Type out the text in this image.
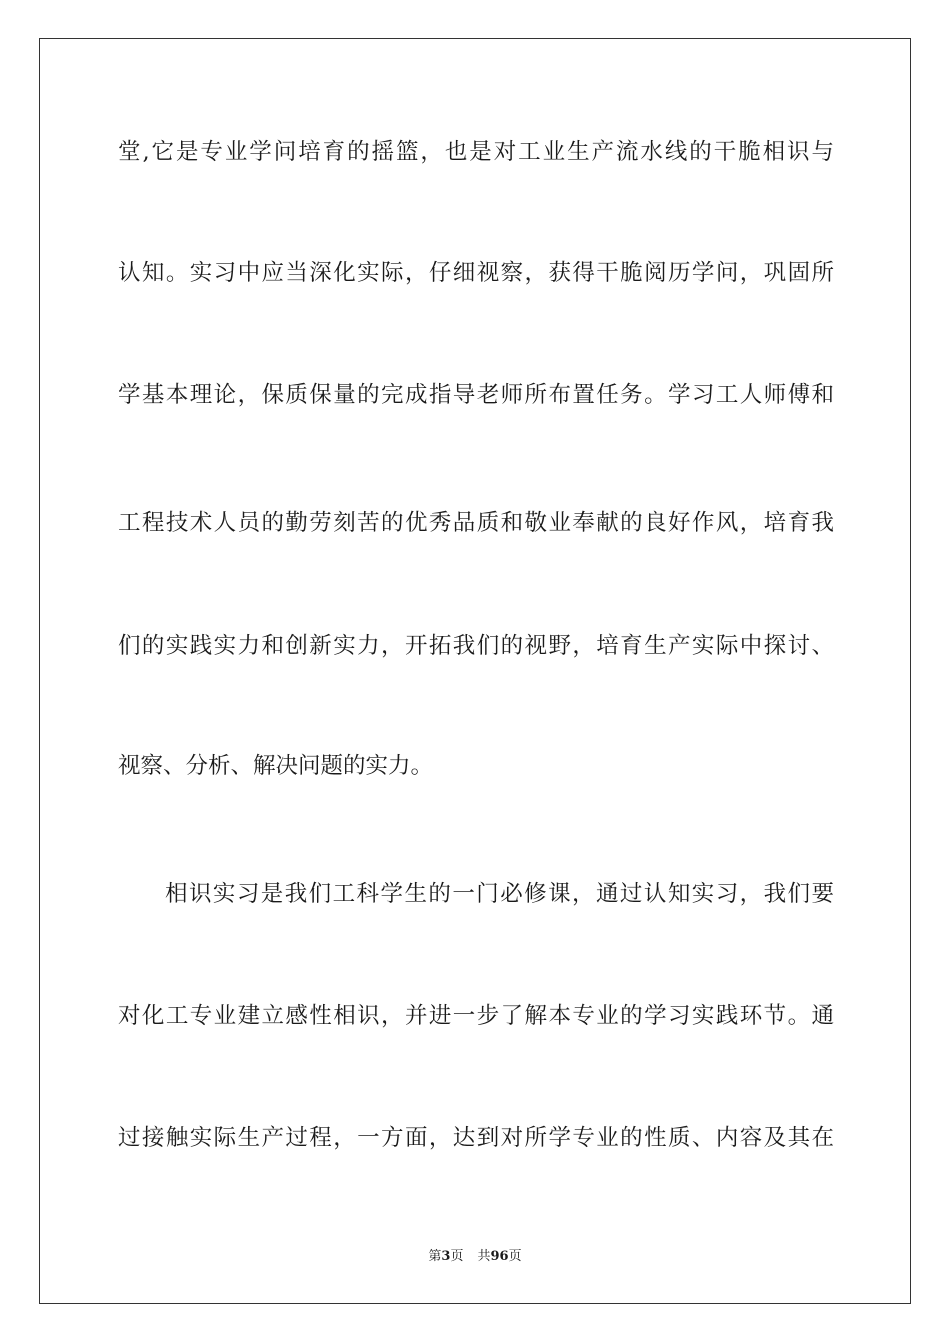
堂,它是专业学问培育的摇篮，也是对工业生产流水线的干脆相识与
认知。实习中应当深化实际，仔细视察，获得干脆阅历学问，巩固所
学基本理论，保质保量的完成指导老师所布置任务。学习工人师傅和
工程技术人员的勤劳刻苦的优秀品质和敬业奉献的良好作风，培育我
们的实践实力和创新实力，开拓我们的视野，培育生产实际中探讨、
视察、分析、解决问题的实力。
相识实习是我们工科学生的一门必修课，通过认知实习，我们要
对化工专业建立感性相识，并进一步了解本专业的学习实践环节。通
过接触实际生产过程，一方面，达到对所学专业的性质、内容及其在
第3页 共96页
